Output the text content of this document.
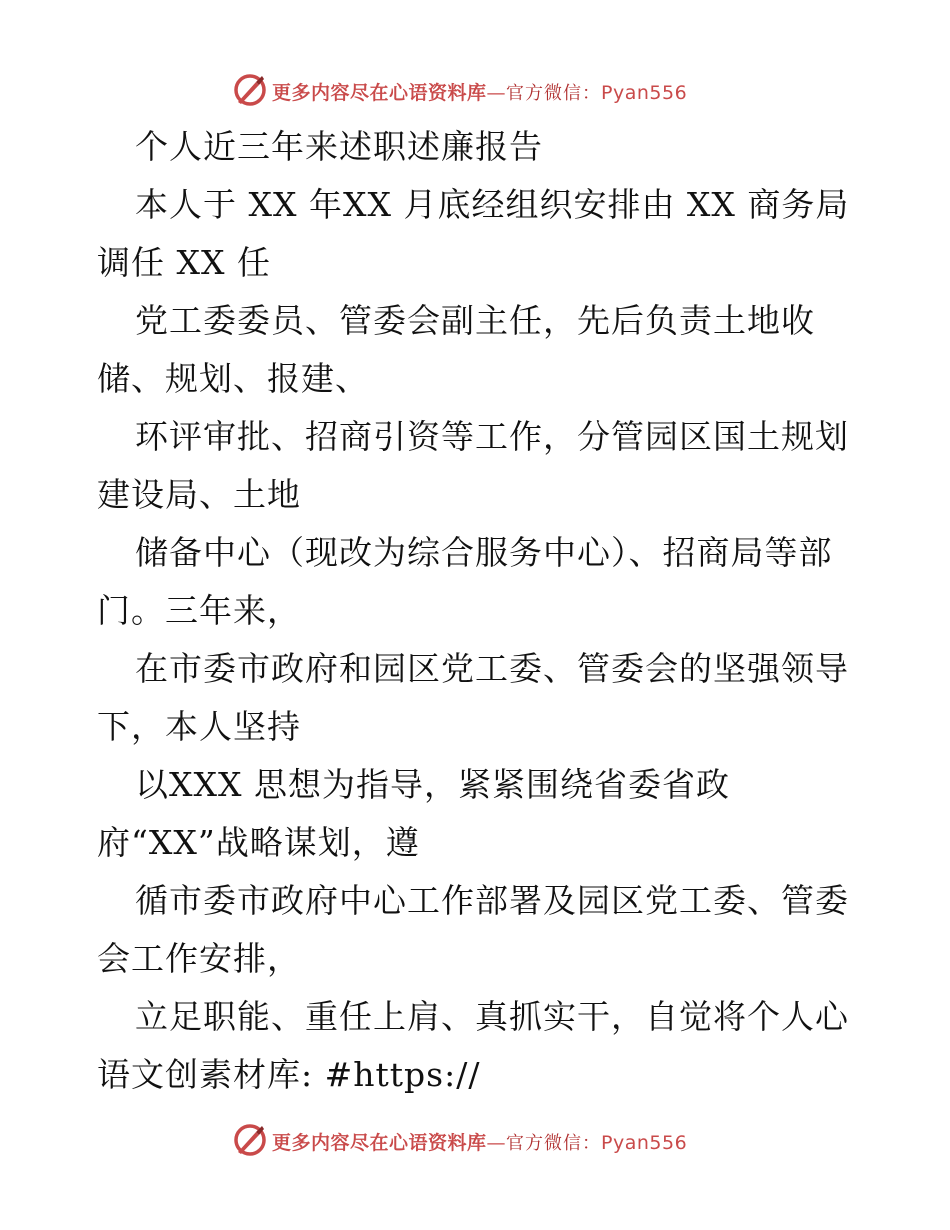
更多内容尽在心语资料库—官方微信：Pyan556
个人近三年来述职述廉报告
本人于 XX 年XX 月底经组织安排由 XX 商务局
调任 XX 任
党工委委员、管委会副主任，先后负责土地收
储、规划、报建、
环评审批、招商引资等工作，分管园区国土规划
建设局、土地
储备中心（现改为综合服务中心）、招商局等部
门。三年来，
在市委市政府和园区党工委、管委会的坚强领导
下，本人坚持
以XXX 思想为指导，紧紧围绕省委省政
府“XX”战略谋划，遵
循市委市政府中心工作部署及园区党工委、管委
会工作安排，
立足职能、重任上肩、真抓实干，自觉将个人心
语文创素材库: #https://
更多内容尽在心语资料库—官方微信：Pyan556
